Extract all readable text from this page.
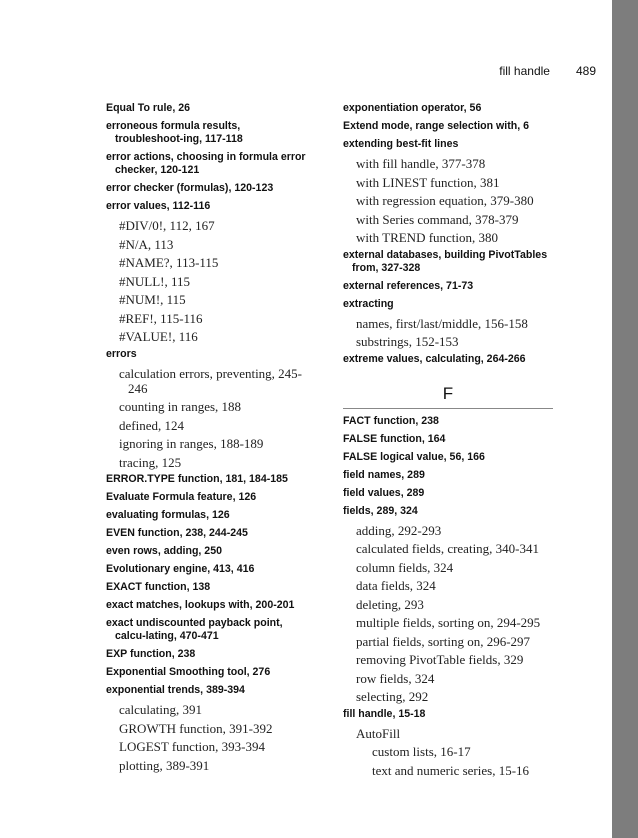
fill handle 489
Equal To rule, 26
erroneous formula results, troubleshoot-ing, 117-118
error actions, choosing in formula error checker, 120-121
error checker (formulas), 120-123
error values, 112-116
#DIV/0!, 112, 167
#N/A, 113
#NAME?, 113-115
#NULL!, 115
#NUM!, 115
#REF!, 115-116
#VALUE!, 116
errors
calculation errors, preventing, 245-246
counting in ranges, 188
defined, 124
ignoring in ranges, 188-189
tracing, 125
ERROR.TYPE function, 181, 184-185
Evaluate Formula feature, 126
evaluating formulas, 126
EVEN function, 238, 244-245
even rows, adding, 250
Evolutionary engine, 413, 416
EXACT function, 138
exact matches, lookups with, 200-201
exact undiscounted payback point, calcu-lating, 470-471
EXP function, 238
Exponential Smoothing tool, 276
exponential trends, 389-394
calculating, 391
GROWTH function, 391-392
LOGEST function, 393-394
plotting, 389-391
exponentiation operator, 56
Extend mode, range selection with, 6
extending best-fit lines
with fill handle, 377-378
with LINEST function, 381
with regression equation, 379-380
with Series command, 378-379
with TREND function, 380
external databases, building PivotTables from, 327-328
external references, 71-73
extracting
names, first/last/middle, 156-158
substrings, 152-153
extreme values, calculating, 264-266
F
FACT function, 238
FALSE function, 164
FALSE logical value, 56, 166
field names, 289
field values, 289
fields, 289, 324
adding, 292-293
calculated fields, creating, 340-341
column fields, 324
data fields, 324
deleting, 293
multiple fields, sorting on, 294-295
partial fields, sorting on, 296-297
removing PivotTable fields, 329
row fields, 324
selecting, 292
fill handle, 15-18
AutoFill
custom lists, 16-17
text and numeric series, 15-16
